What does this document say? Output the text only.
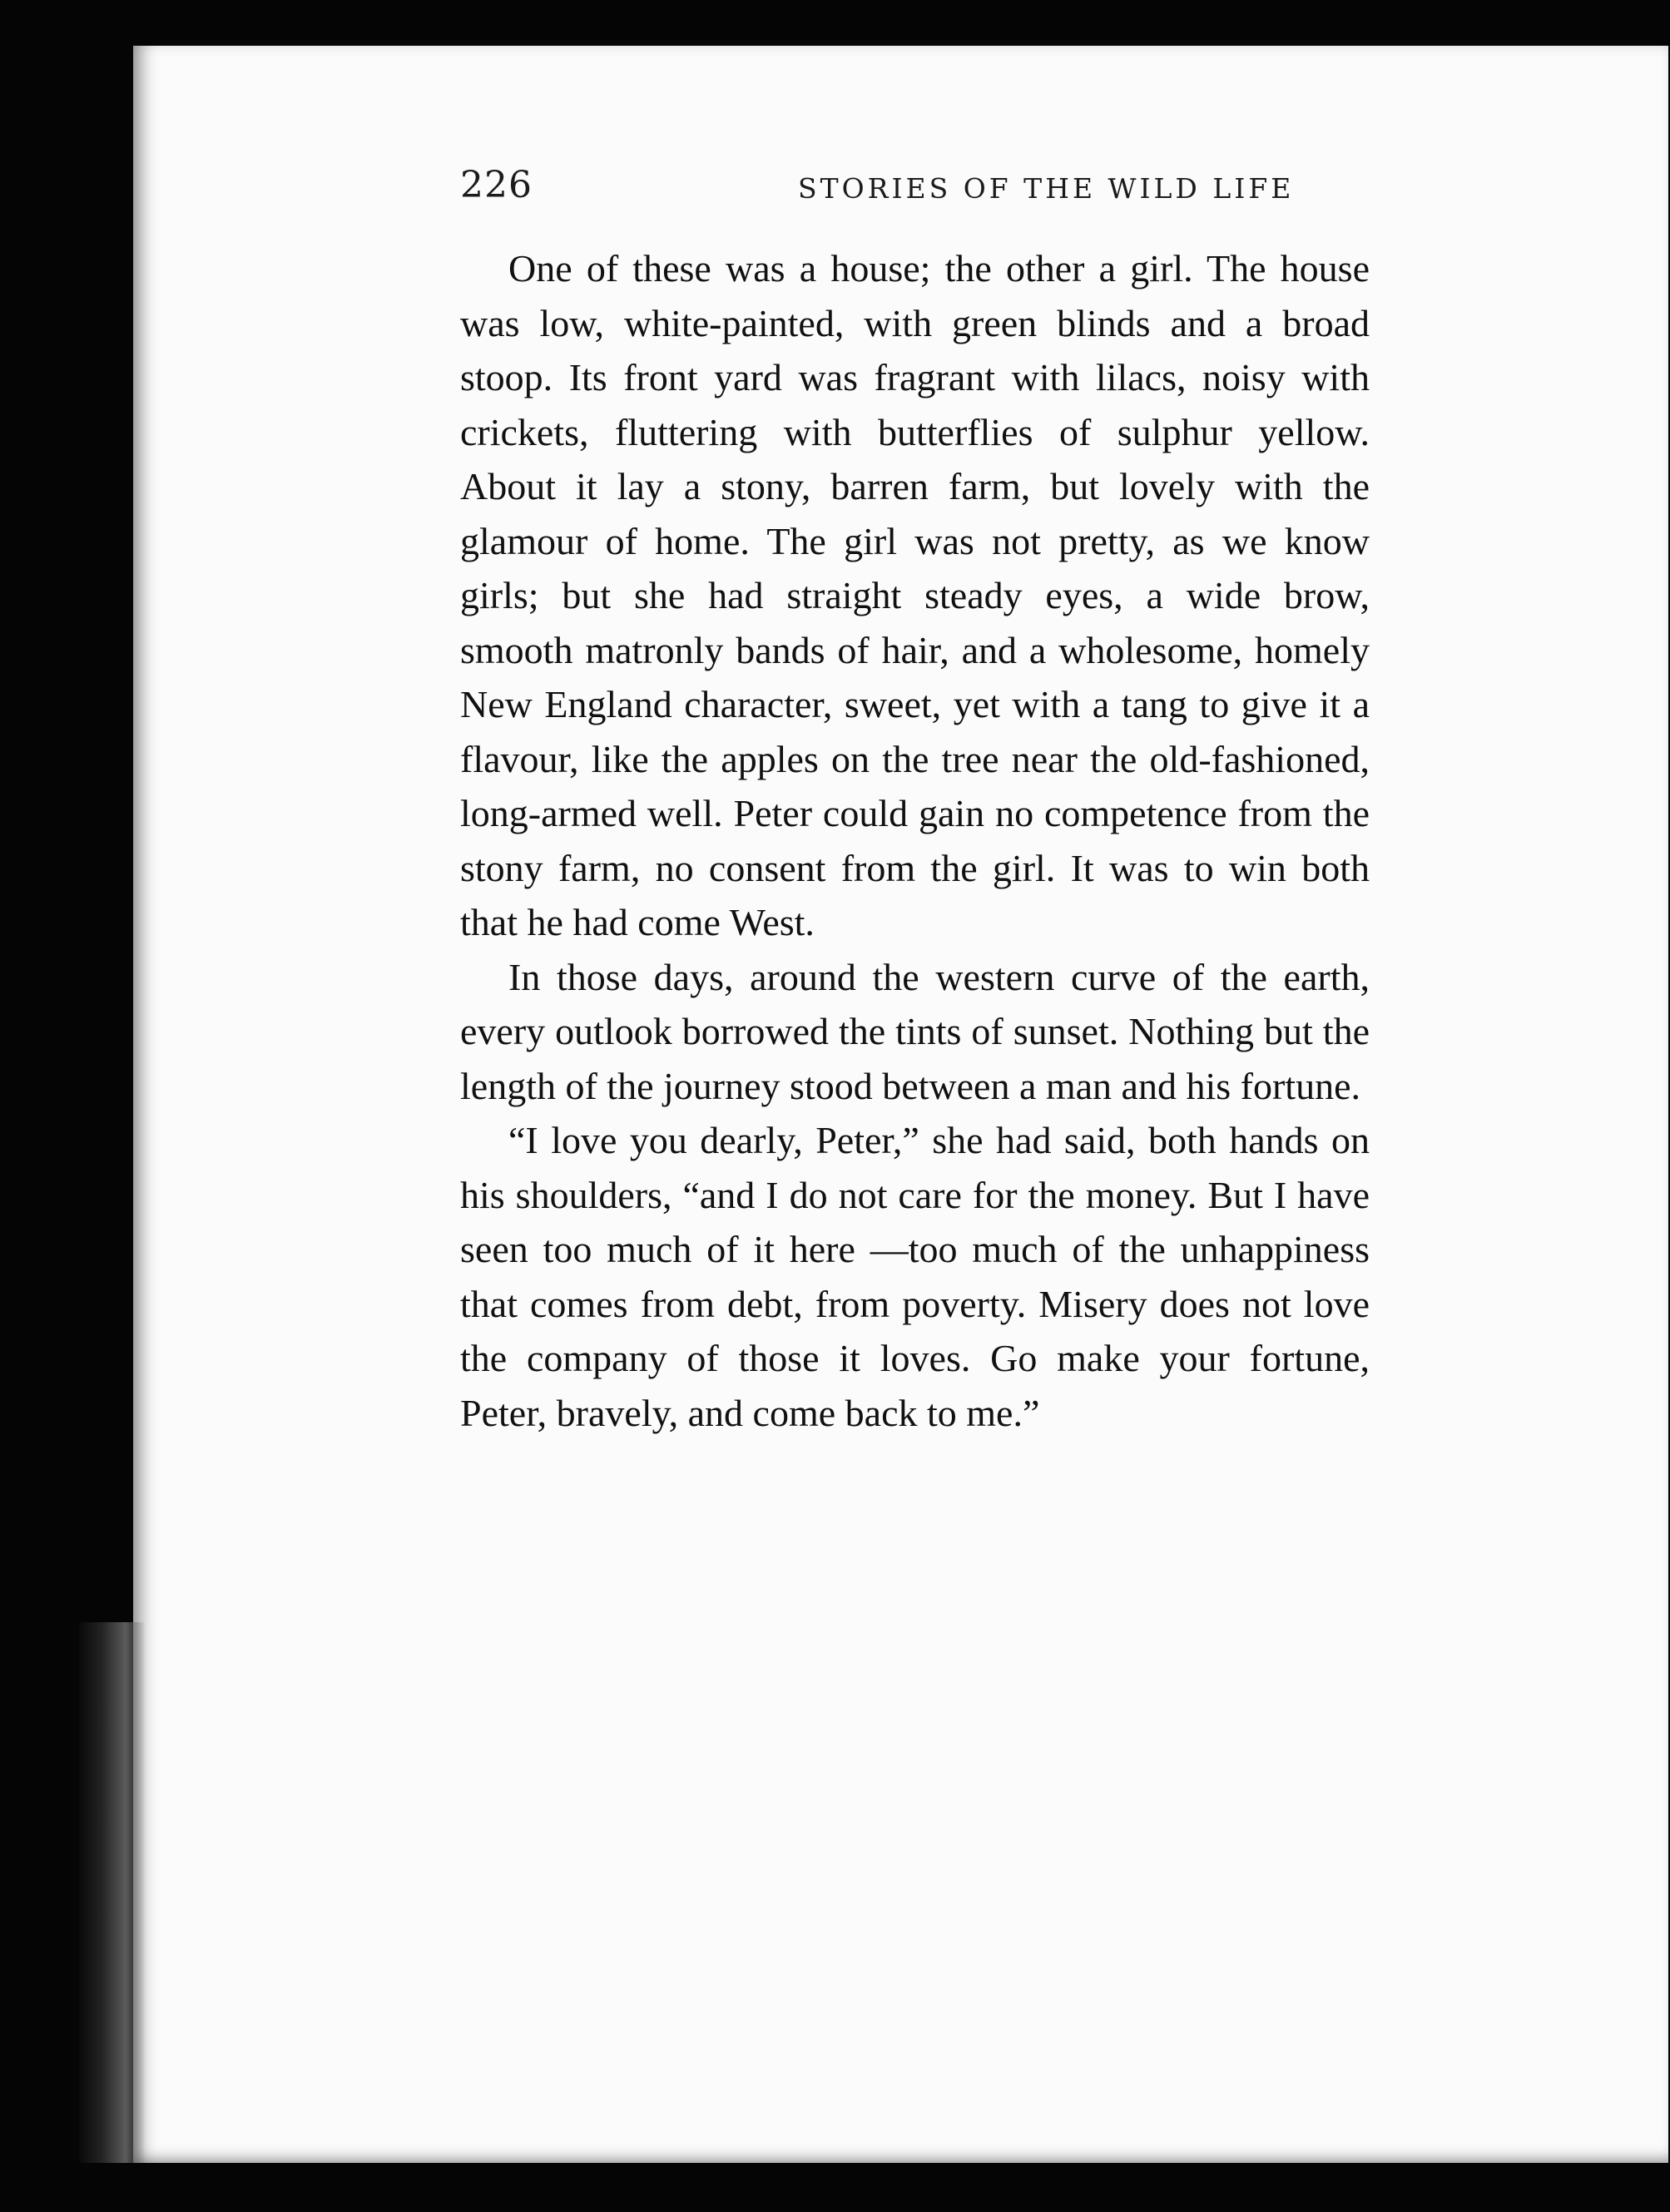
226	STORIES OF THE WILD LIFE

One of these was a house; the other a girl. The house was low, white-painted, with green blinds and a broad stoop. Its front yard was fragrant with lilacs, noisy with crickets, fluttering with butterflies of sulphur yellow. About it lay a stony, barren farm, but lovely with the glamour of home. The girl was not pretty, as we know girls; but she had straight steady eyes, a wide brow, smooth matronly bands of hair, and a wholesome, homely New England character, sweet, yet with a tang to give it a flavour, like the apples on the tree near the old-fashioned, long-armed well. Peter could gain no competence from the stony farm, no consent from the girl. It was to win both that he had come West.

In those days, around the western curve of the earth, every outlook borrowed the tints of sunset. Nothing but the length of the journey stood between a man and his fortune.

“I love you dearly, Peter,” she had said, both hands on his shoulders, “and I do not care for the money. But I have seen too much of it here —too much of the unhappiness that comes from debt, from poverty. Misery does not love the company of those it loves. Go make your fortune, Peter, bravely, and come back to me.”
